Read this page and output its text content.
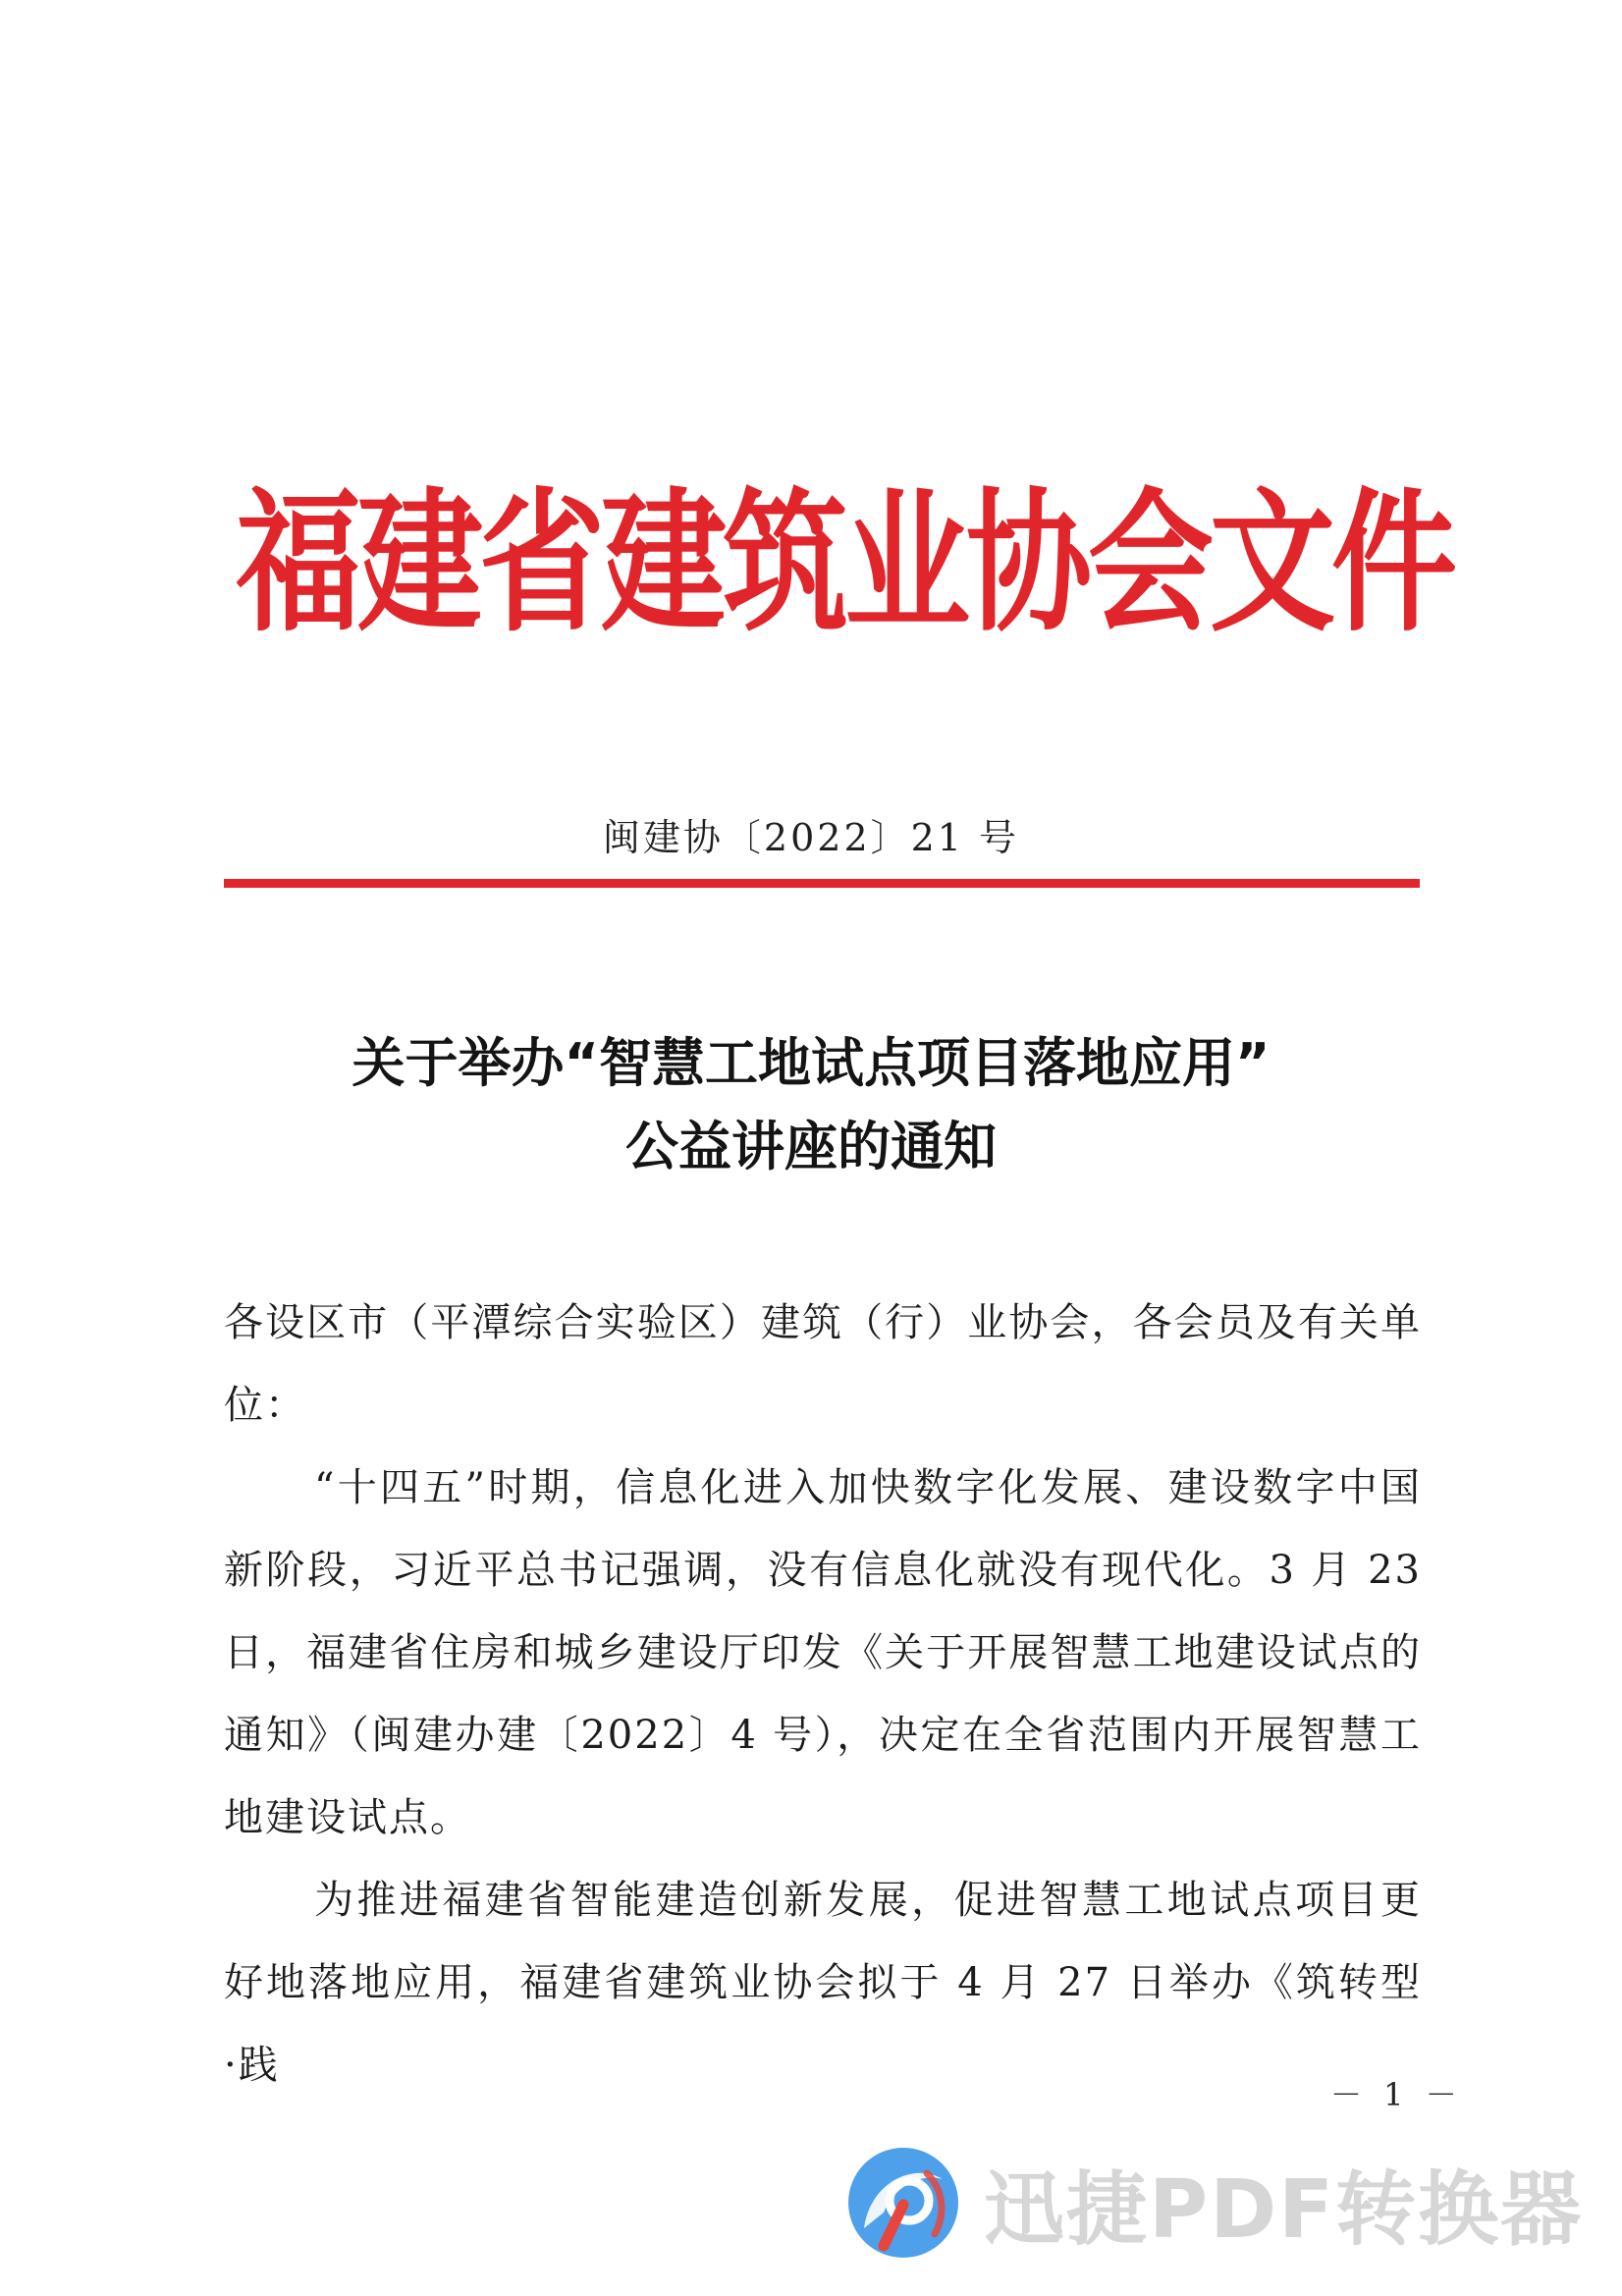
福建省建筑业协会文件
闽建协〔2022〕21 号
关于举办“智慧工地试点项目落地应用”
公益讲座的通知
各设区市（平潭综合实验区）建筑（行）业协会，各会员及有关单位：
“十四五”时期，信息化进入加快数字化发展、建设数字中国新阶段，习近平总书记强调，没有信息化就没有现代化。3 月 23 日，福建省住房和城乡建设厅印发《关于开展智慧工地建设试点的通知》（闽建办建〔2022〕4 号），决定在全省范围内开展智慧工地建设试点。
为推进福建省智能建造创新发展，促进智慧工地试点项目更好地落地应用，福建省建筑业协会拟于 4 月 27 日举办《筑转型 ·践
－ 1 －
迅捷PDF转换器
